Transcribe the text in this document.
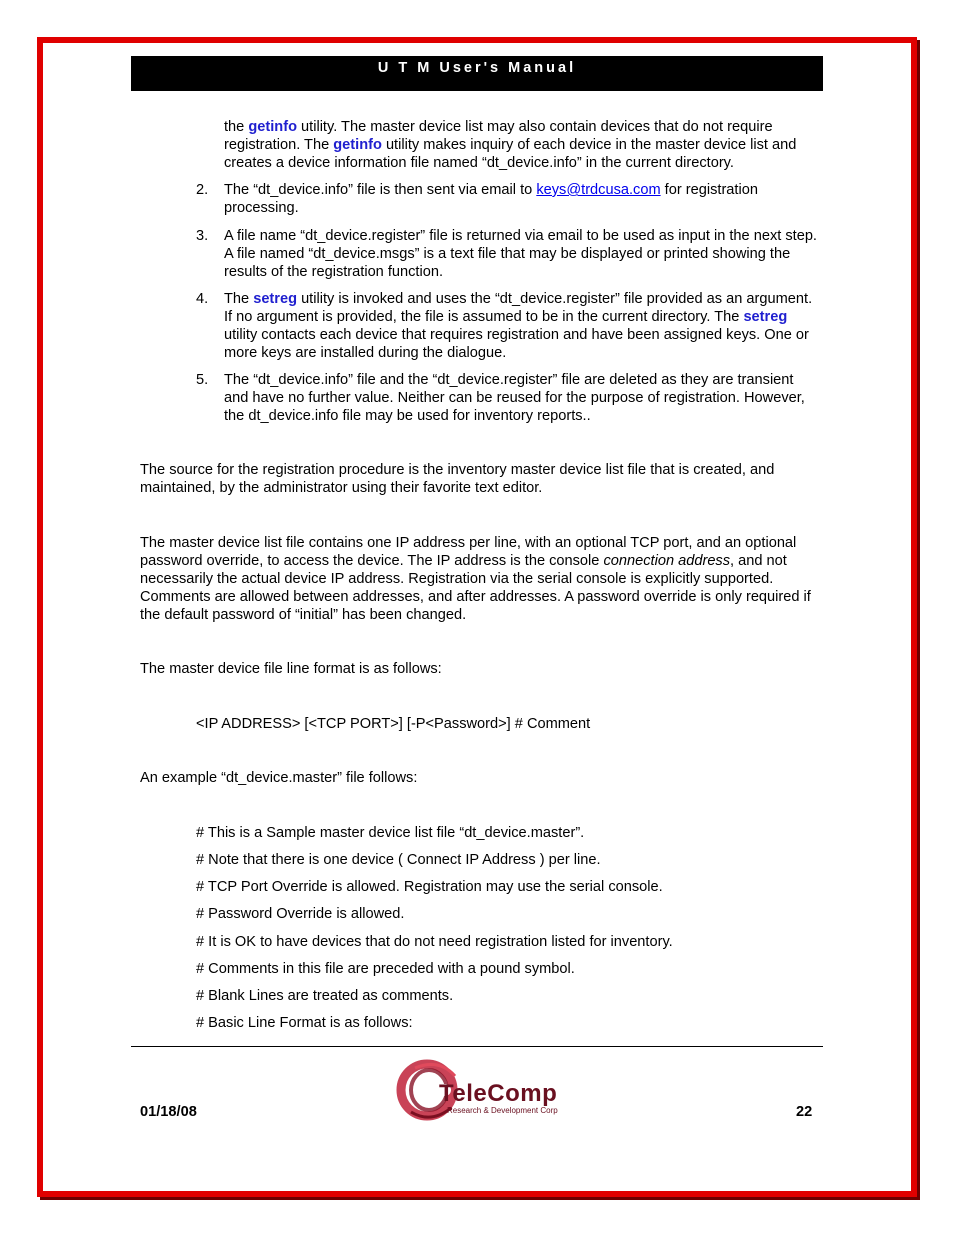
U T M User's Manual

the getinfo utility. The master device list may also contain devices that do not require registration. The getinfo utility makes inquiry of each device in the master device list and creates a device information file named “dt_device.info” in the current directory.

2. The “dt_device.info” file is then sent via email to keys@trdcusa.com for registration processing.

3. A file name “dt_device.register” file is returned via email to be used as input in the next step. A file named “dt_device.msgs” is a text file that may be displayed or printed showing the results of the registration function.

4. The setreg utility is invoked and uses the “dt_device.register” file provided as an argument. If no argument is provided, the file is assumed to be in the current directory. The setreg utility contacts each device that requires registration and have been assigned keys. One or more keys are installed during the dialogue.

5. The “dt_device.info” file and the “dt_device.register” file are deleted as they are transient and have no further value. Neither can be reused for the purpose of registration. However, the dt_device.info file may be used for inventory reports..

The source for the registration procedure is the inventory master device list file that is created, and maintained, by the administrator using their favorite text editor.

The master device list file contains one IP address per line, with an optional TCP port, and an optional password override, to access the device. The IP address is the console connection address, and not necessarily the actual device IP address. Registration via the serial console is explicitly supported. Comments are allowed between addresses, and after addresses. A password override is only required if the default password of “initial” has been changed.

The master device file line format is as follows:

<IP ADDRESS> [<TCP PORT>] [-P<Password>] # Comment

An example “dt_device.master” file follows:

# This is a Sample master device list file “dt_device.master”.

# Note that there is one device ( Connect IP Address ) per line.

# TCP Port Override is allowed. Registration may use the serial console.

# Password Override is allowed.

# It is OK to have devices that do not need registration listed for inventory.

# Comments in this file are preceded with a pound symbol.

# Blank Lines are treated as comments.

# Basic Line Format is as follows:

01/18/08	22
TeleComp
Research & Development Corp
